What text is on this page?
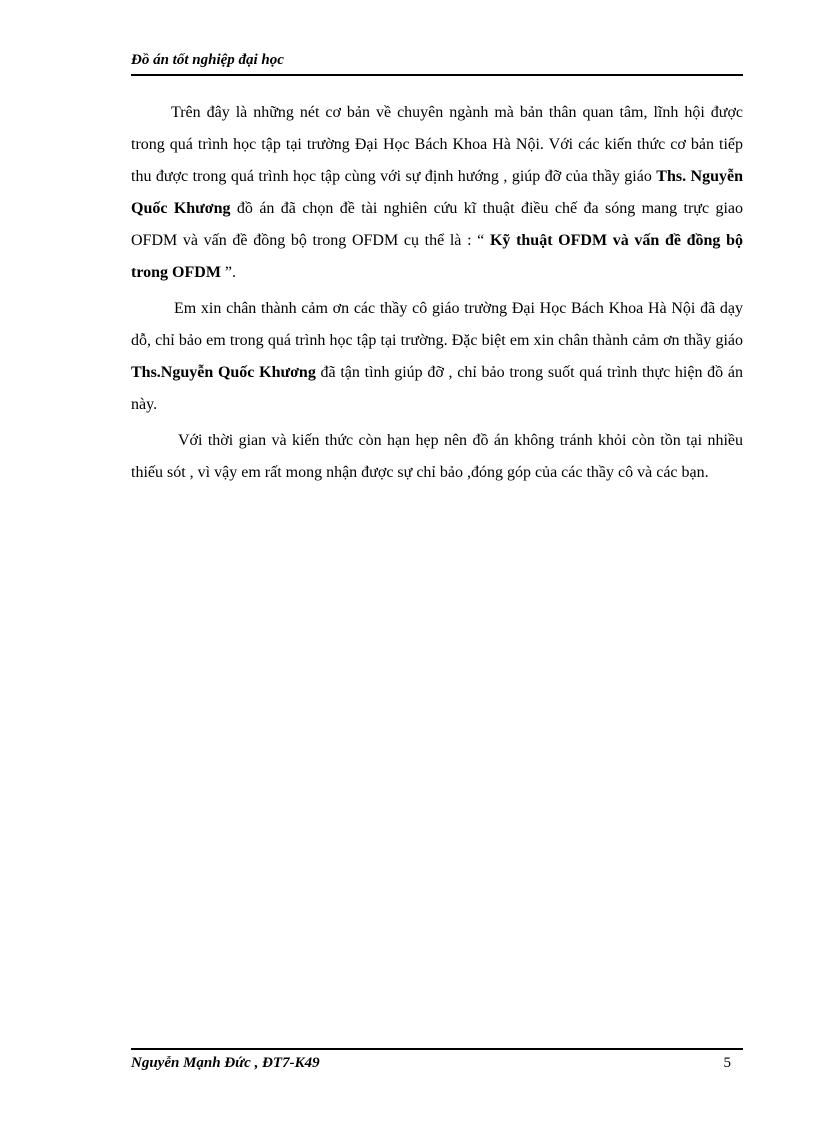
Đồ án tốt nghiệp đại học

Trên đây là những nét cơ bản về chuyên ngành mà bản thân quan tâm, lĩnh hội được trong quá trình học tập tại trường Đại Học Bách Khoa Hà Nội. Với các kiến thức cơ bản tiếp thu được trong quá trình học tập cùng với sự định hướng , giúp đỡ của thầy giáo Ths. Nguyễn Quốc Khương đồ án đã chọn đề tài nghiên cứu kĩ thuật điều chế đa sóng mang trực giao OFDM và vấn đề đồng bộ trong OFDM cụ thể là : “ Kỹ thuật OFDM và vấn đề đồng bộ trong OFDM ”.

Em xin chân thành cảm ơn các thầy cô giáo trường Đại Học Bách Khoa Hà Nội đã dạy dỗ, chỉ bảo em trong quá trình học tập tại trường. Đặc biệt em xin chân thành cảm ơn thầy giáo Ths.Nguyễn Quốc Khương đã tận tình giúp đỡ , chỉ bảo trong suốt quá trình thực hiện đồ án này.

Với thời gian và kiến thức còn hạn hẹp nên đồ án không tránh khỏi còn tồn tại nhiều thiếu sót , vì vậy em rất mong nhận được sự chỉ bảo ,đóng góp của các thầy cô và các bạn.

Nguyễn Mạnh Đức , ĐT7-K49	5
